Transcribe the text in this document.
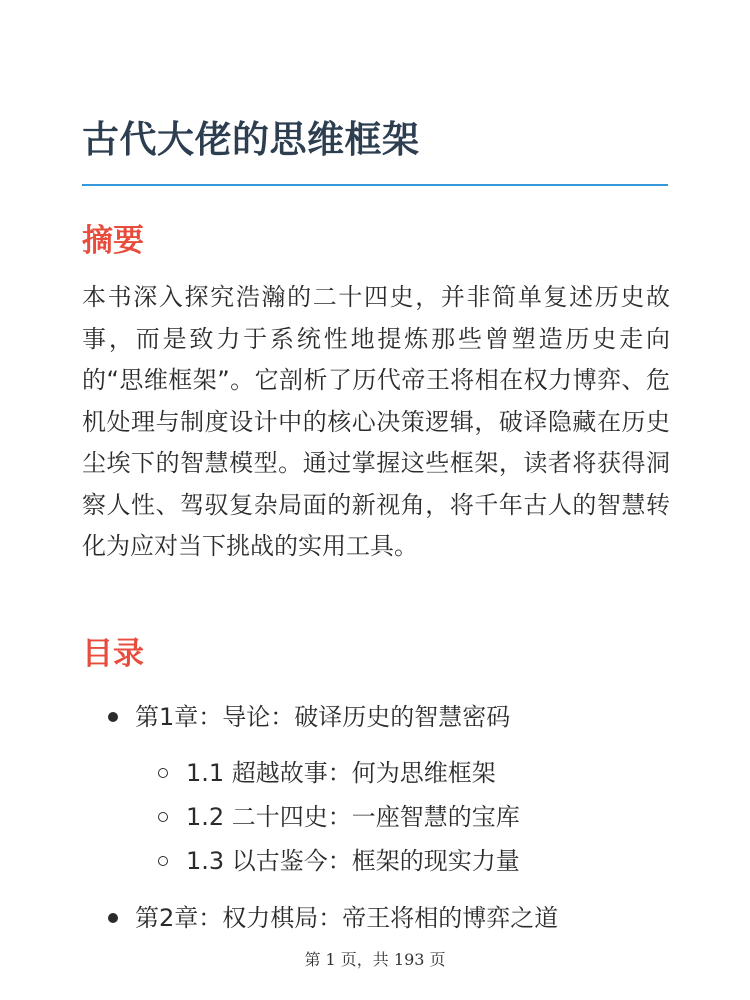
古代大佬的思维框架
摘要

本书深入探究浩瀚的二十四史，并非简单复述历史故事，而是致力于系统性地提炼那些曾塑造历史走向的“思维框架”。它剖析了历代帝王将相在权力博弈、危机处理与制度设计中的核心决策逻辑，破译隐藏在历史尘埃下的智慧模型。通过掌握这些框架，读者将获得洞察人性、驾驭复杂局面的新视角，将千年古人的智慧转化为应对当下挑战的实用工具。

目录
第1章：导论：破译历史的智慧密码
1.1 超越故事：何为思维框架
1.2 二十四史：一座智慧的宝库
1.3 以古鉴今：框架的现实力量
第2章：权力棋局：帝王将相的博弈之道
第 1 页，共 193 页
